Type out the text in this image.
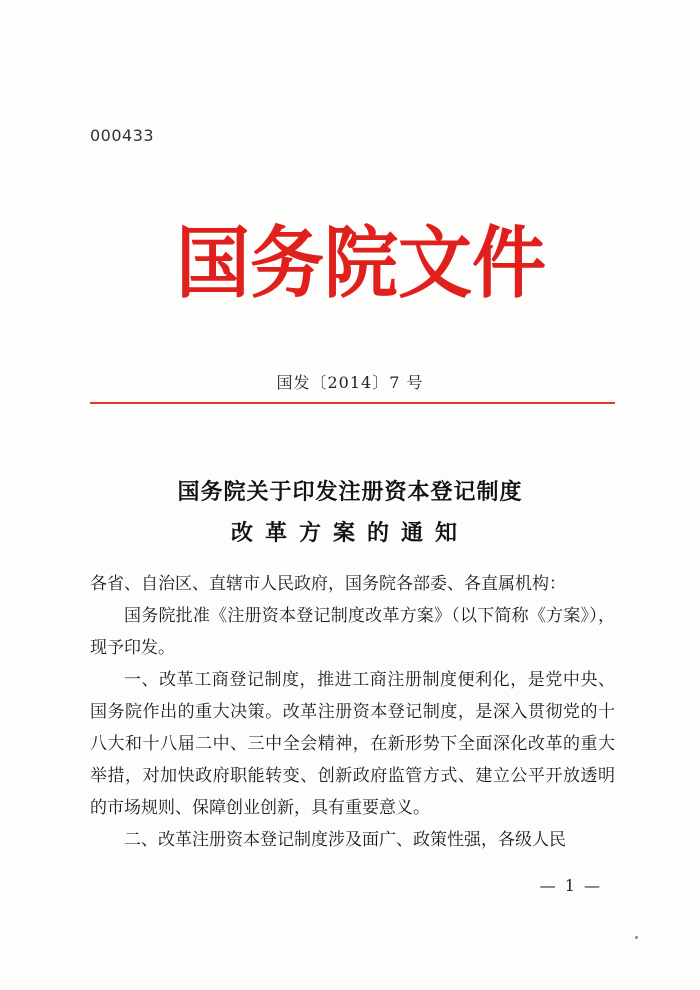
000433
国 务 院 文 件
国发〔2014〕7 号
国务院关于印发注册资本登记制度
改革方案的通知

各省、自治区、直辖市人民政府，国务院各部委、各直属机构：

国务院批准《注册资本登记制度改革方案》（以下简称《方案》），现予印发。

一、改革工商登记制度，推进工商注册制度便利化，是党中央、国务院作出的重大决策。改革注册资本登记制度，是深入贯彻党的十八大和十八届二中、三中全会精神，在新形势下全面深化改革的重大举措，对加快政府职能转变、创新政府监管方式、建立公平开放透明的市场规则、保障创业创新，具有重要意义。

二、改革注册资本登记制度涉及面广、政策性强，各级人民

— 1 —
